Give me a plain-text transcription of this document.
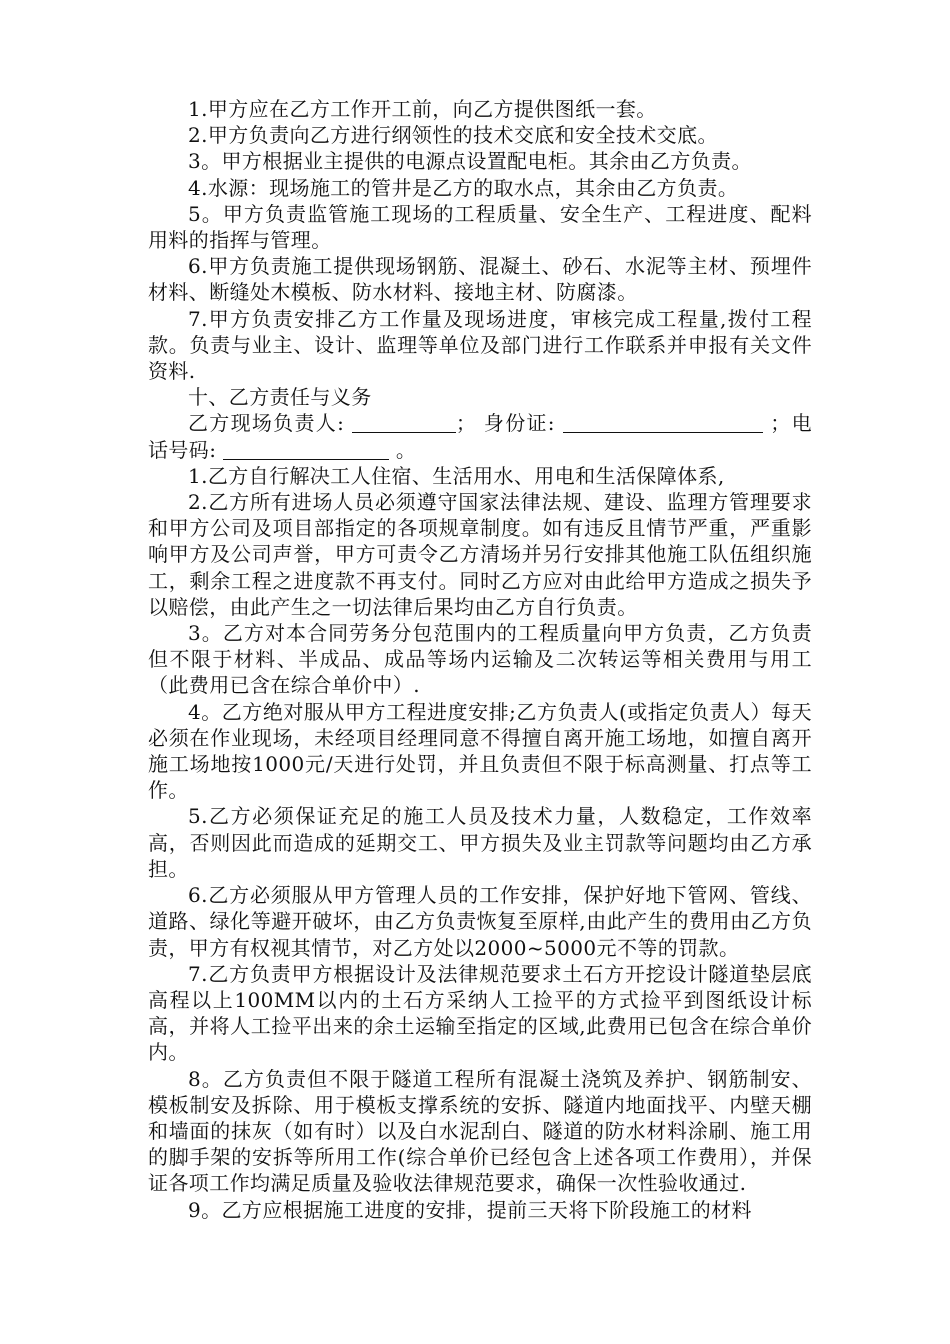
1.甲方应在乙方工作开工前，向乙方提供图纸一套。

2.甲方负责向乙方进行纲领性的技术交底和安全技术交底。

3。甲方根据业主提供的电源点设置配电柜。其余由乙方负责。

4.水源：现场施工的管井是乙方的取水点，其余由乙方负责。

5。甲方负责监管施工现场的工程质量、安全生产、工程进度、配料用料的指挥与管理。

6.甲方负责施工提供现场钢筋、混凝土、砂石、水泥等主材、预埋件材料、断缝处木模板、防水材料、接地主材、防腐漆。

7.甲方负责安排乙方工作量及现场进度，审核完成工程量,拨付工程款。负责与业主、设计、监理等单位及部门进行工作联系并申报有关文件资料.

十、乙方责任与义务

乙方现场负责人:	； 身份证:	；电话号码:	。

1.乙方自行解决工人住宿、生活用水、用电和生活保障体系,

2.乙方所有进场人员必须遵守国家法律法规、建设、监理方管理要求和甲方公司及项目部指定的各项规章制度。如有违反且情节严重，严重影响甲方及公司声誉，甲方可责令乙方清场并另行安排其他施工队伍组织施工，剩余工程之进度款不再支付。同时乙方应对由此给甲方造成之损失予以赔偿，由此产生之一切法律后果均由乙方自行负责。

3。乙方对本合同劳务分包范围内的工程质量向甲方负责，乙方负责但不限于材料、半成品、成品等场内运输及二次转运等相关费用与用工（此费用已含在综合单价中）.

4。乙方绝对服从甲方工程进度安排;乙方负责人(或指定负责人）每天必须在作业现场，未经项目经理同意不得擅自离开施工场地，如擅自离开施工场地按1000元/天进行处罚，并且负责但不限于标高测量、打点等工作。

5.乙方必须保证充足的施工人员及技术力量，人数稳定，工作效率高，否则因此而造成的延期交工、甲方损失及业主罚款等问题均由乙方承担。

6.乙方必须服从甲方管理人员的工作安排，保护好地下管网、管线、道路、绿化等避开破坏，由乙方负责恢复至原样,由此产生的费用由乙方负责，甲方有权视其情节，对乙方处以2000~5000元不等的罚款。

7.乙方负责甲方根据设计及法律规范要求土石方开挖设计隧道垫层底高程以上100MM以内的土石方采纳人工捡平的方式捡平到图纸设计标高，并将人工捡平出来的余土运输至指定的区域,此费用已包含在综合单价内。

8。乙方负责但不限于隧道工程所有混凝土浇筑及养护、钢筋制安、模板制安及拆除、用于模板支撑系统的安拆、隧道内地面找平、内壁天棚和墙面的抹灰（如有时）以及白水泥刮白、隧道的防水材料涂刷、施工用的脚手架的安拆等所用工作(综合单价已经包含上述各项工作费用），并保证各项工作均满足质量及验收法律规范要求，确保一次性验收通过.

9。乙方应根据施工进度的安排，提前三天将下阶段施工的材料
